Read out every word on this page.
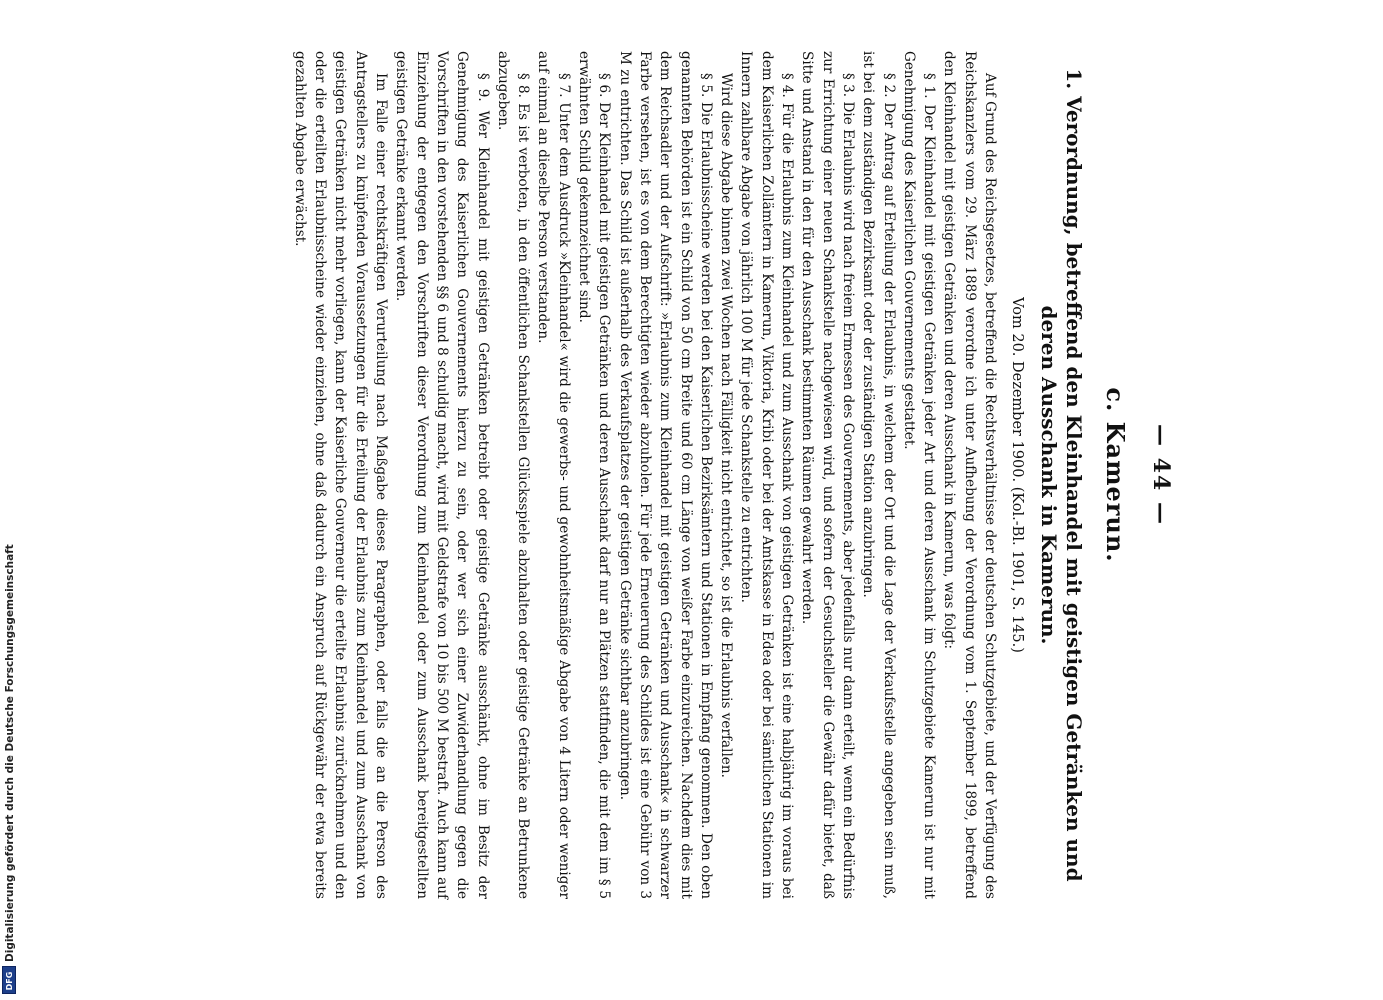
— 44 —
c. Kamerun.
1. Verordnung, betreffend den Kleinhandel mit geistigen Getränken und deren Ausschank in Kamerun.
Vom 20. Dezember 1900. (Kol.-Bl. 1901, S. 145.)

Auf Grund des Reichsgesetzes, betreffend die Rechtsverhältnisse der deutschen Schutzgebiete, und der Verfügung des Reichskanzlers vom 29. März 1889 verordne ich unter Aufhebung der Verordnung vom 1. September 1899, betreffend den Kleinhandel mit geistigen Getränken und deren Ausschank in Kamerun, was folgt:

§ 1. Der Kleinhandel mit geistigen Getränken jeder Art und deren Ausschank im Schutzgebiete Kamerun ist nur mit Genehmigung des Kaiserlichen Gouvernements gestattet.

§ 2. Der Antrag auf Erteilung der Erlaubnis, in welchem der Ort und die Lage der Verkaufsstelle angegeben sein muß, ist bei dem zuständigen Bezirksamt oder der zuständigen Station anzubringen.

§ 3. Die Erlaubnis wird nach freiem Ermessen des Gouvernements, aber jedenfalls nur dann erteilt, wenn ein Bedürfnis zur Errichtung einer neuen Schankstelle nachgewiesen wird, und sofern der Gesuchsteller die Gewähr dafür bietet, daß Sitte und Anstand in den für den Ausschank bestimmten Räumen gewahrt werden.

§ 4. Für die Erlaubnis zum Kleinhandel und zum Ausschank von geistigen Getränken ist eine halbjährig im voraus bei dem Kaiserlichen Zollämtern in Kamerun, Viktoria, Kribi oder bei der Amtskasse in Edea oder bei sämtlichen Stationen im Innern zahlbare Abgabe von jährlich 100 M für jede Schankstelle zu entrichten.

Wird diese Abgabe binnen zwei Wochen nach Fälligkeit nicht entrichtet, so ist die Erlaubnis verfallen.

§ 5. Die Erlaubnisscheine werden bei den Kaiserlichen Bezirksämtern und Stationen in Empfang genommen. Den oben genannten Behörden ist ein Schild von 50 cm Breite und 60 cm Länge von weißer Farbe einzureichen. Nachdem dies mit dem Reichsadler und der Aufschrift: »Erlaubnis zum Kleinhandel mit geistigen Getränken und Ausschank« in schwarzer Farbe versehen, ist es von dem Berechtigten wieder abzuholen. Für jede Erneuerung des Schildes ist eine Gebühr von 3 M zu entrichten. Das Schild ist außerhalb des Verkaufsplatzes der geistigen Getränke sichtbar anzubringen.

§ 6. Der Kleinhandel mit geistigen Getränken und deren Ausschank darf nur an Plätzen stattfinden, die mit dem im § 5 erwähnten Schild gekennzeichnet sind.

§ 7. Unter dem Ausdruck »Kleinhandel« wird die gewerbs- und gewohnheitsmäßige Abgabe von 4 Litern oder weniger auf einmal an dieselbe Person verstanden.

§ 8. Es ist verboten, in den öffentlichen Schankstellen Glücksspiele abzuhalten oder geistige Getränke an Betrunkene abzugeben.

§ 9. Wer Kleinhandel mit geistigen Getränken betreibt oder geistige Getränke ausschänkt, ohne im Besitz der Genehmigung des Kaiserlichen Gouvernements hierzu zu sein, oder wer sich einer Zuwiderhandlung gegen die Vorschriften in den vorstehenden §§ 6 und 8 schuldig macht, wird mit Geldstrafe von 10 bis 500 M bestraft. Auch kann auf Einziehung der entgegen den Vorschriften dieser Verordnung zum Kleinhandel oder zum Ausschank bereitgestellten geistigen Getränke erkannt werden.

Im Falle einer rechtskräftigen Verurteilung nach Maßgabe dieses Paragraphen, oder falls die an die Person des Antragstellers zu knüpfenden Voraussetzungen für die Erteilung der Erlaubnis zum Kleinhandel und zum Ausschank von geistigen Getränken nicht mehr vorliegen, kann der Kaiserliche Gouverneur die erteilte Erlaubnis zurücknehmen und den oder die erteilten Erlaubnisscheine wieder einziehen, ohne daß dadurch ein Anspruch auf Rückgewähr der etwa bereits gezahlten Abgabe erwächst.

Digitalisierung gefördert durch die Deutsche Forschungsgemeinschaft
DFG
